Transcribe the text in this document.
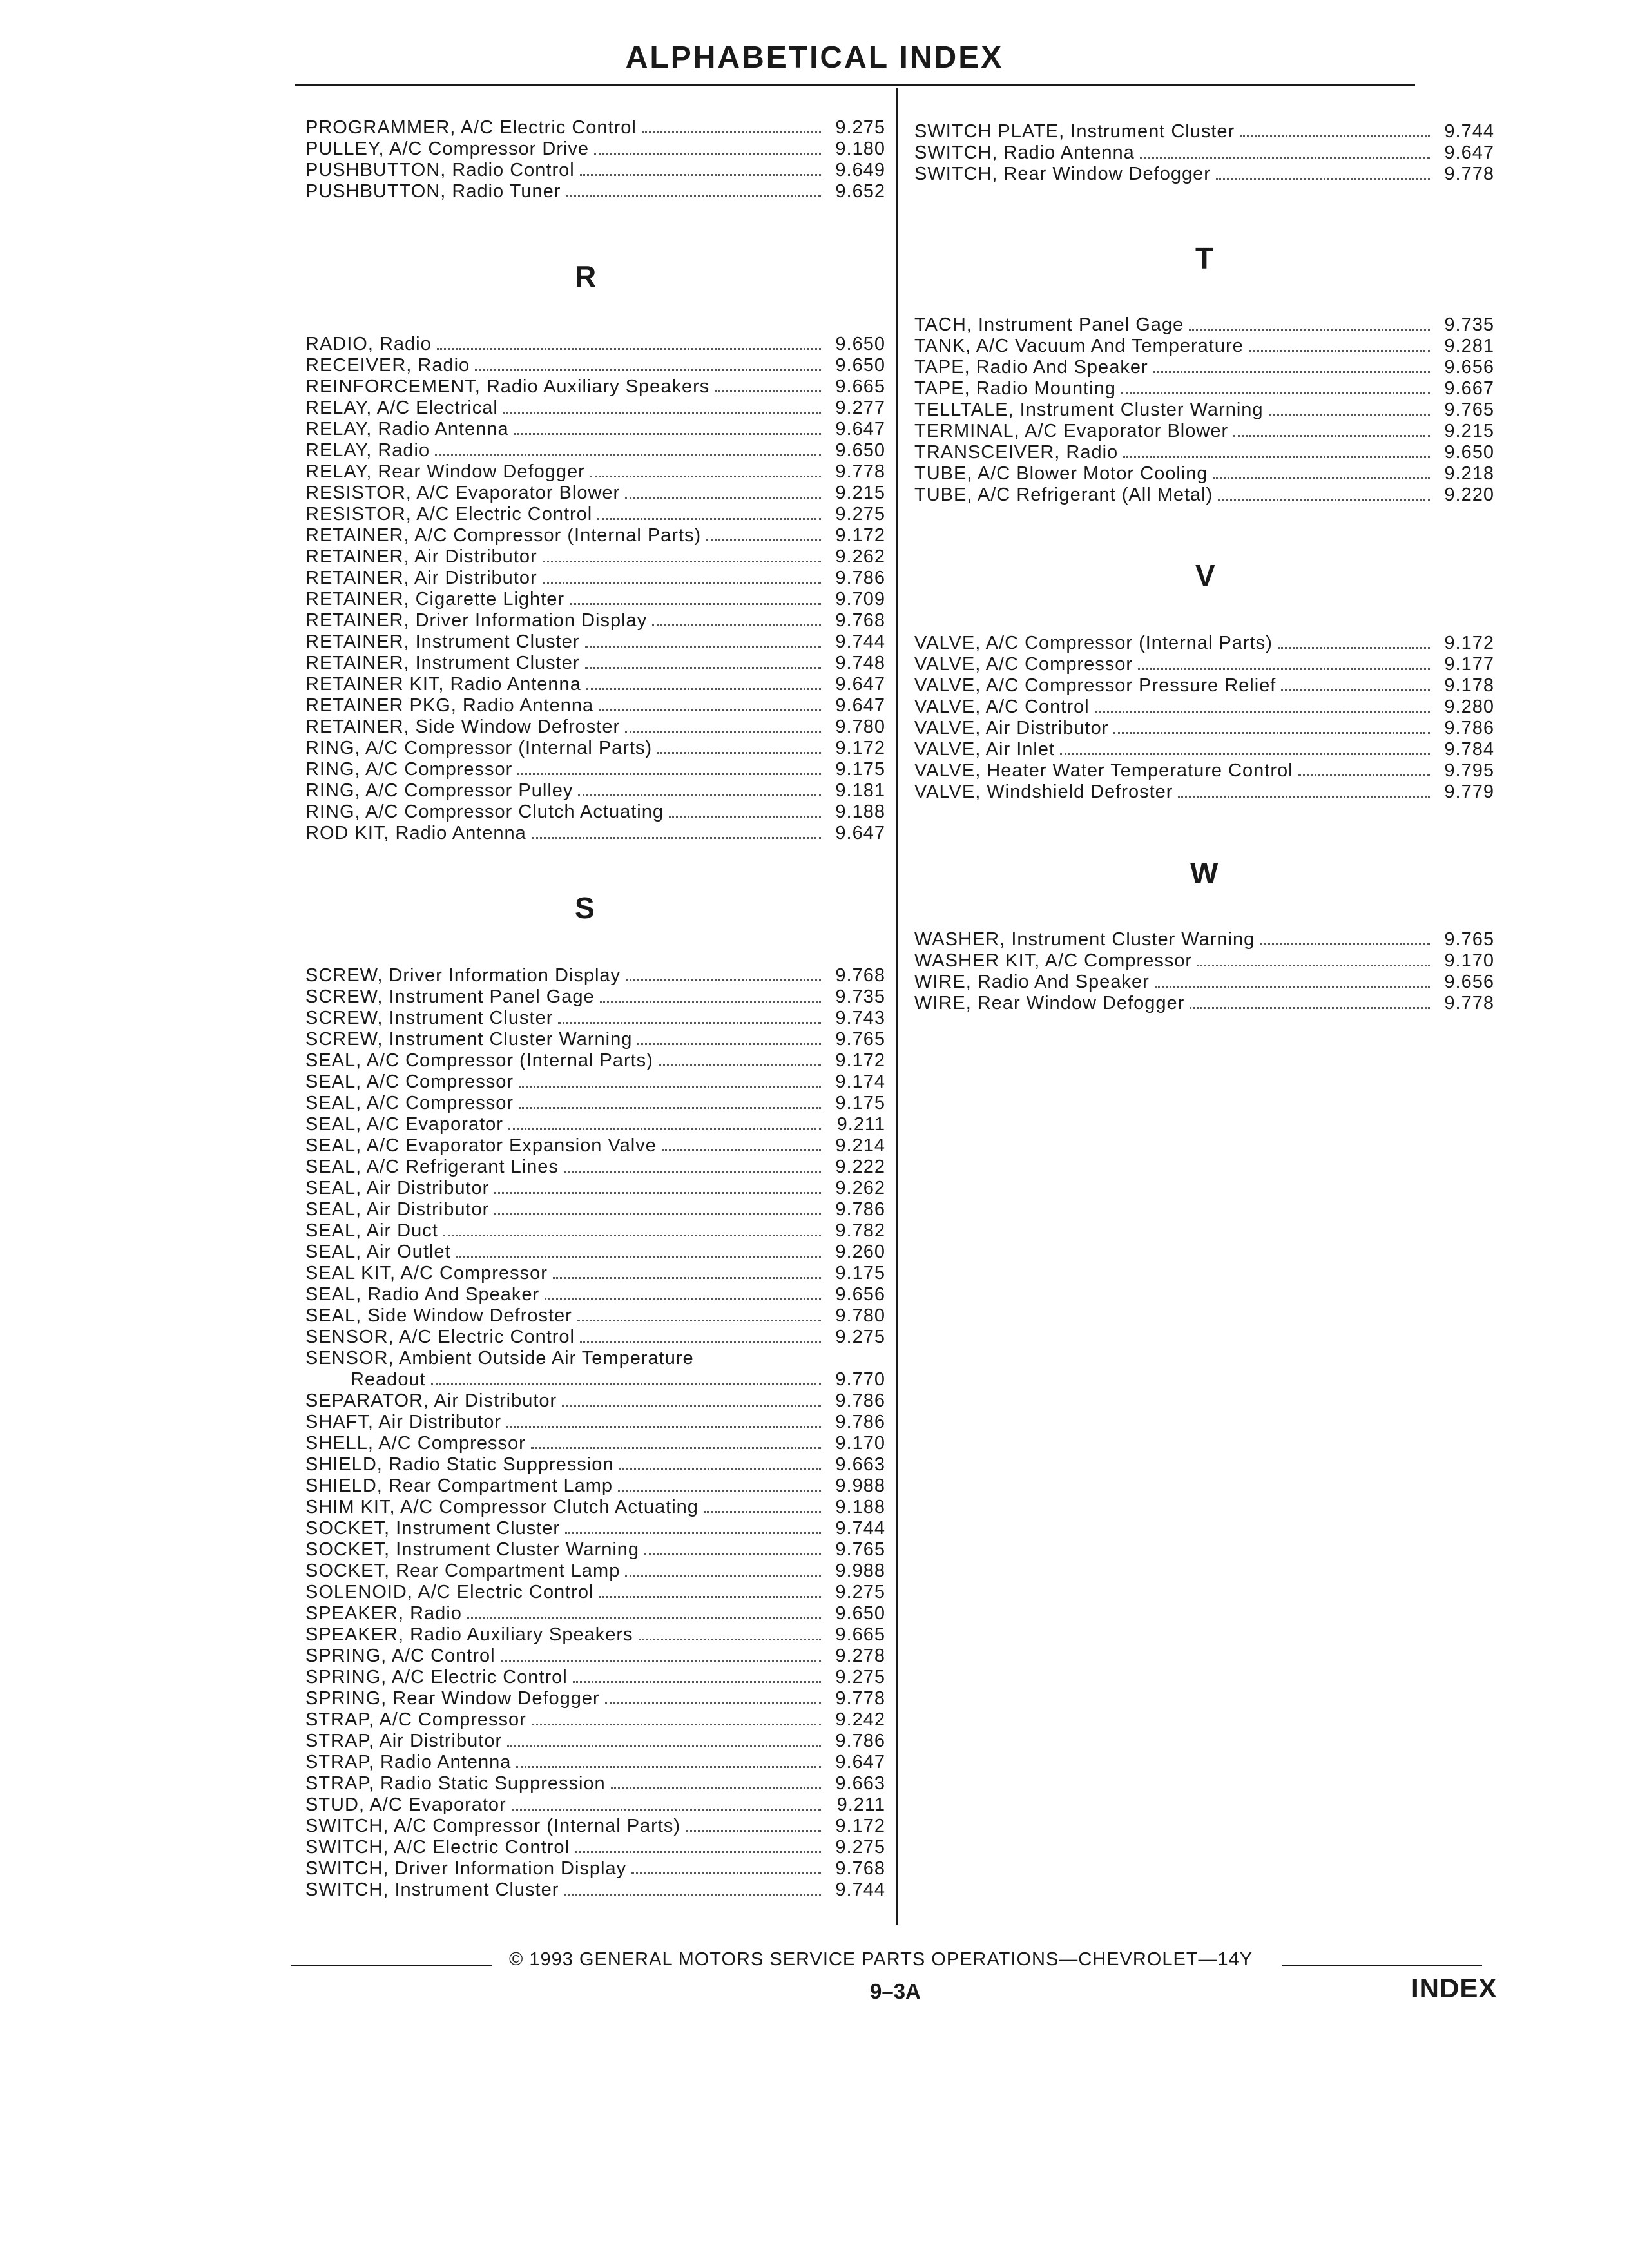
ALPHABETICAL INDEX
PROGRAMMER, A/C Electric Control	9.275
PULLEY, A/C Compressor Drive	9.180
PUSHBUTTON, Radio Control	9.649
PUSHBUTTON, Radio Tuner	9.652
R
RADIO, Radio	9.650
RECEIVER, Radio	9.650
REINFORCEMENT, Radio Auxiliary Speakers	9.665
RELAY, A/C Electrical	9.277
RELAY, Radio Antenna	9.647
RELAY, Radio	9.650
RELAY, Rear Window Defogger	9.778
RESISTOR, A/C Evaporator Blower	9.215
RESISTOR, A/C Electric Control	9.275
RETAINER, A/C Compressor (Internal Parts)	9.172
RETAINER, Air Distributor	9.262
RETAINER, Air Distributor	9.786
RETAINER, Cigarette Lighter	9.709
RETAINER, Driver Information Display	9.768
RETAINER, Instrument Cluster	9.744
RETAINER, Instrument Cluster	9.748
RETAINER KIT, Radio Antenna	9.647
RETAINER PKG, Radio Antenna	9.647
RETAINER, Side Window Defroster	9.780
RING, A/C Compressor (Internal Parts)	9.172
RING, A/C Compressor	9.175
RING, A/C Compressor Pulley	9.181
RING, A/C Compressor Clutch Actuating	9.188
ROD KIT, Radio Antenna	9.647
S
SCREW, Driver Information Display	9.768
SCREW, Instrument Panel Gage	9.735
SCREW, Instrument Cluster	9.743
SCREW, Instrument Cluster Warning	9.765
SEAL, A/C Compressor (Internal Parts)	9.172
SEAL, A/C Compressor	9.174
SEAL, A/C Compressor	9.175
SEAL, A/C Evaporator	9.211
SEAL, A/C Evaporator Expansion Valve	9.214
SEAL, A/C Refrigerant Lines	9.222
SEAL, Air Distributor	9.262
SEAL, Air Distributor	9.786
SEAL, Air Duct	9.782
SEAL, Air Outlet	9.260
SEAL KIT, A/C Compressor	9.175
SEAL, Radio And Speaker	9.656
SEAL, Side Window Defroster	9.780
SENSOR, A/C Electric Control	9.275
SENSOR, Ambient Outside Air Temperature
Readout	9.770
SEPARATOR, Air Distributor	9.786
SHAFT, Air Distributor	9.786
SHELL, A/C Compressor	9.170
SHIELD, Radio Static Suppression	9.663
SHIELD, Rear Compartment Lamp	9.988
SHIM KIT, A/C Compressor Clutch Actuating	9.188
SOCKET, Instrument Cluster	9.744
SOCKET, Instrument Cluster Warning	9.765
SOCKET, Rear Compartment Lamp	9.988
SOLENOID, A/C Electric Control	9.275
SPEAKER, Radio	9.650
SPEAKER, Radio Auxiliary Speakers	9.665
SPRING, A/C Control	9.278
SPRING, A/C Electric Control	9.275
SPRING, Rear Window Defogger	9.778
STRAP, A/C Compressor	9.242
STRAP, Air Distributor	9.786
STRAP, Radio Antenna	9.647
STRAP, Radio Static Suppression	9.663
STUD, A/C Evaporator	9.211
SWITCH, A/C Compressor (Internal Parts)	9.172
SWITCH, A/C Electric Control	9.275
SWITCH, Driver Information Display	9.768
SWITCH, Instrument Cluster	9.744
SWITCH PLATE, Instrument Cluster	9.744
SWITCH, Radio Antenna	9.647
SWITCH, Rear Window Defogger	9.778
T
TACH, Instrument Panel Gage	9.735
TANK, A/C Vacuum And Temperature	9.281
TAPE, Radio And Speaker	9.656
TAPE, Radio Mounting	9.667
TELLTALE, Instrument Cluster Warning	9.765
TERMINAL, A/C Evaporator Blower	9.215
TRANSCEIVER, Radio	9.650
TUBE, A/C Blower Motor Cooling	9.218
TUBE, A/C Refrigerant (All Metal)	9.220
V
VALVE, A/C Compressor (Internal Parts)	9.172
VALVE, A/C Compressor	9.177
VALVE, A/C Compressor Pressure Relief	9.178
VALVE, A/C Control	9.280
VALVE, Air Distributor	9.786
VALVE, Air Inlet	9.784
VALVE, Heater Water Temperature Control	9.795
VALVE, Windshield Defroster	9.779
W
WASHER, Instrument Cluster Warning	9.765
WASHER KIT, A/C Compressor	9.170
WIRE, Radio And Speaker	9.656
WIRE, Rear Window Defogger	9.778
© 1993 GENERAL MOTORS SERVICE PARTS OPERATIONS—CHEVROLET—14Y
9–3A	INDEX
